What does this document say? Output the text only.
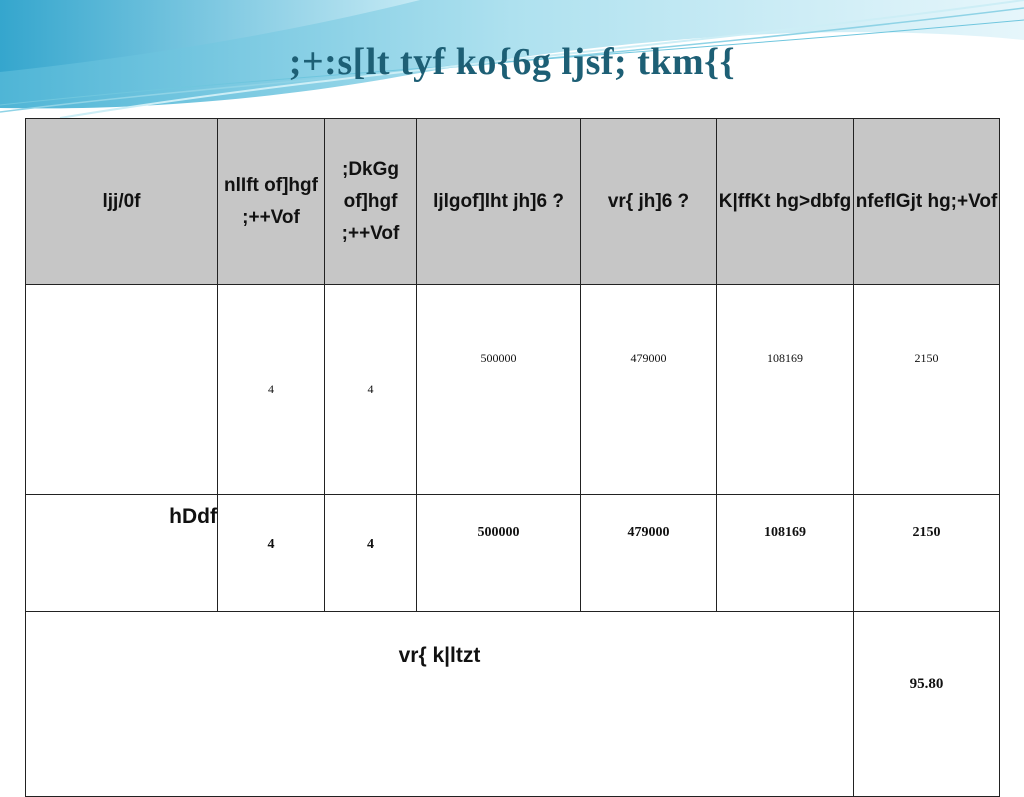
;+:s[lt tyf ko{6g ljsf; tkm{{
ljj/0f	nlIft of]hgf ;++Vof	;DkGg of]hgf ;++Vof	ljlgof]lht jh]6 ?	vr{ jh]6 ?	K|ffKt hg>dbfg	nfeflGjt hg;+Vof
	4	4	500000	479000	108169	2150
hDdf	4	4	500000	479000	108169	2150
vr{ k|ltzt						95.80
